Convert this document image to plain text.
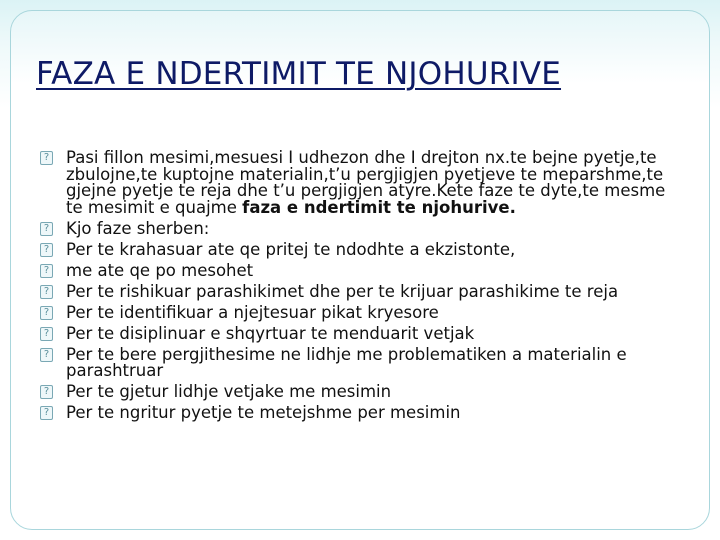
FAZA E NDERTIMIT TE NJOHURIVE
? Pasi fillon mesimi,mesuesi I udhezon dhe I drejton nx.te bejne pyetje,te zbulojne,te kuptojne materialin,t’u pergjigjen pyetjeve te meparshme,te gjejne pyetje te reja dhe t’u pergjigjen atyre.Kete faze te dyte,te mesme te mesimit e quajme faza e ndertimit te njohurive.
? Kjo faze sherben:
? Per te krahasuar ate qe pritej te ndodhte a ekzistonte,
? me ate qe po mesohet
? Per te rishikuar parashikimet dhe per te krijuar parashikime te reja
? Per te identifikuar a njejtesuar pikat kryesore
? Per te disiplinuar e shqyrtuar te menduarit vetjak
? Per te bere pergjithesime ne lidhje me problematiken a materialin e parashtruar
? Per te gjetur lidhje vetjake me mesimin
? Per te ngritur pyetje te metejshme per mesimin
